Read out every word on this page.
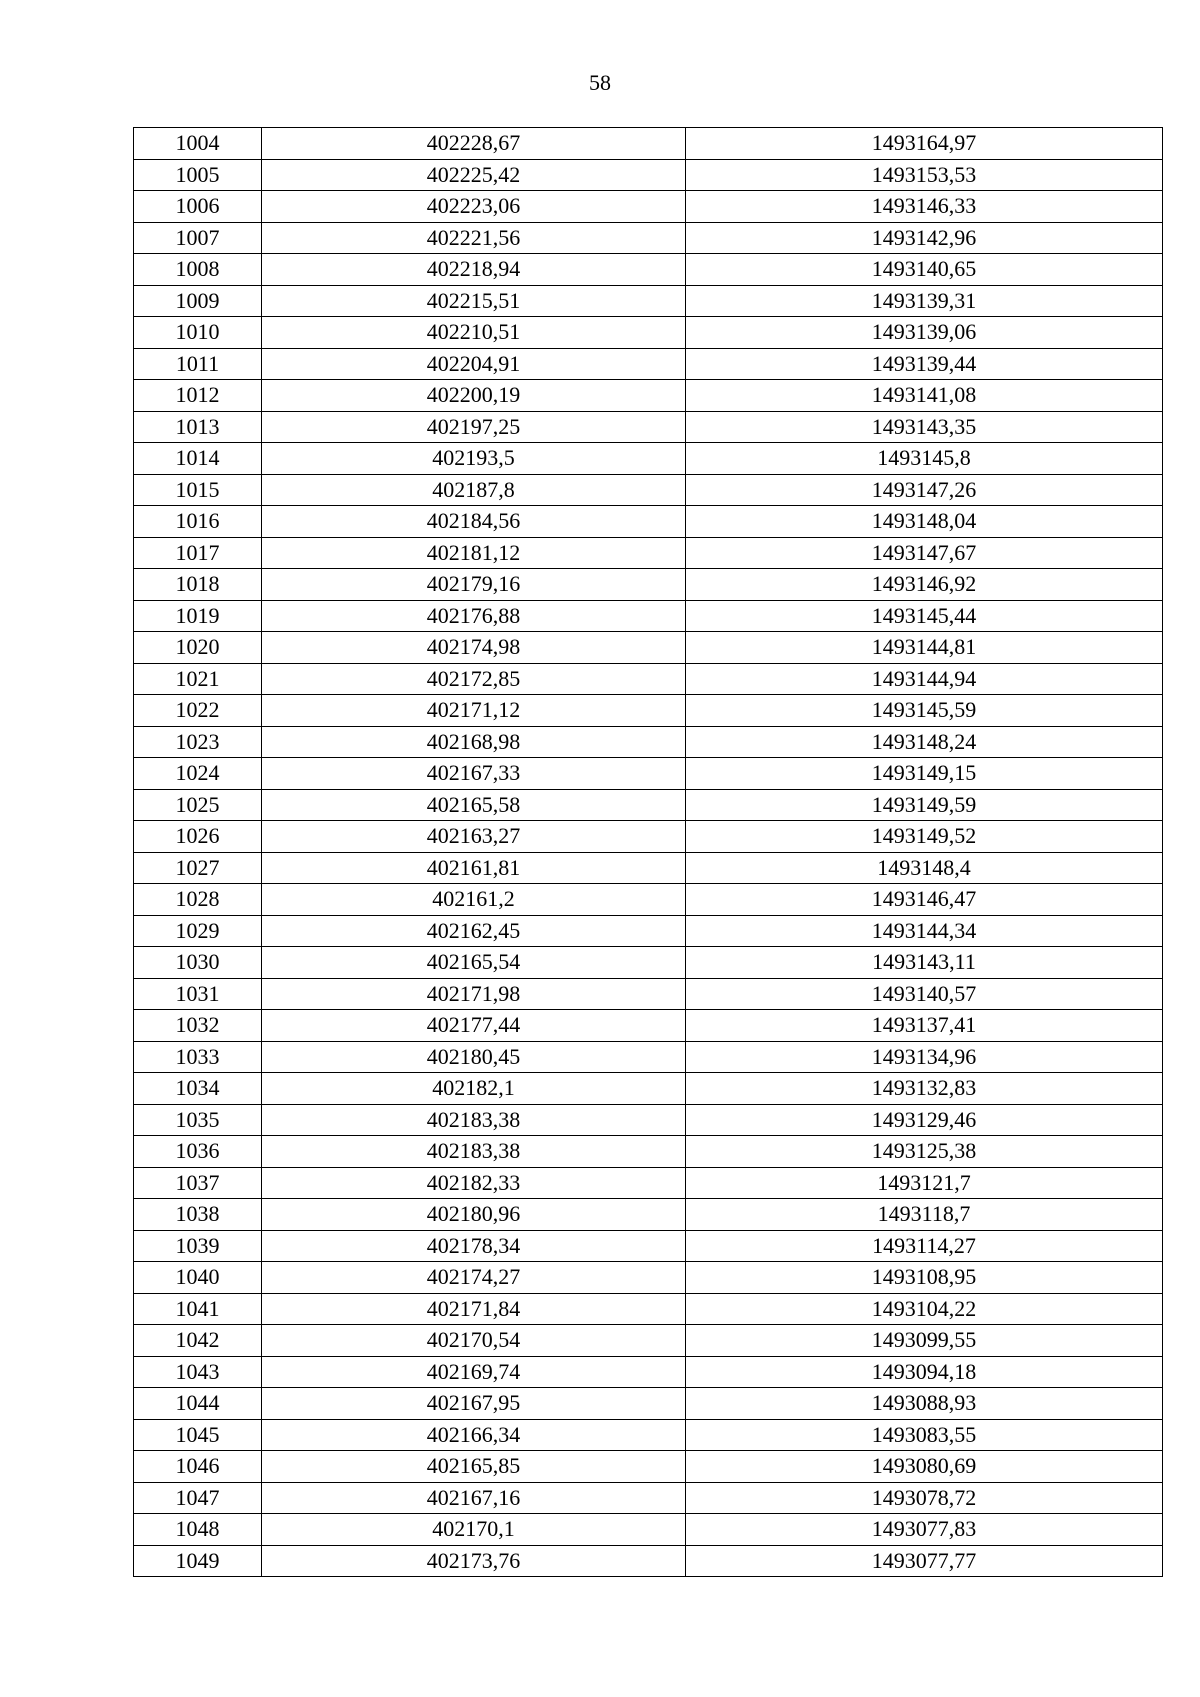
58
1004	402228,67	1493164,97
1005	402225,42	1493153,53
1006	402223,06	1493146,33
1007	402221,56	1493142,96
1008	402218,94	1493140,65
1009	402215,51	1493139,31
1010	402210,51	1493139,06
1011	402204,91	1493139,44
1012	402200,19	1493141,08
1013	402197,25	1493143,35
1014	402193,5	1493145,8
1015	402187,8	1493147,26
1016	402184,56	1493148,04
1017	402181,12	1493147,67
1018	402179,16	1493146,92
1019	402176,88	1493145,44
1020	402174,98	1493144,81
1021	402172,85	1493144,94
1022	402171,12	1493145,59
1023	402168,98	1493148,24
1024	402167,33	1493149,15
1025	402165,58	1493149,59
1026	402163,27	1493149,52
1027	402161,81	1493148,4
1028	402161,2	1493146,47
1029	402162,45	1493144,34
1030	402165,54	1493143,11
1031	402171,98	1493140,57
1032	402177,44	1493137,41
1033	402180,45	1493134,96
1034	402182,1	1493132,83
1035	402183,38	1493129,46
1036	402183,38	1493125,38
1037	402182,33	1493121,7
1038	402180,96	1493118,7
1039	402178,34	1493114,27
1040	402174,27	1493108,95
1041	402171,84	1493104,22
1042	402170,54	1493099,55
1043	402169,74	1493094,18
1044	402167,95	1493088,93
1045	402166,34	1493083,55
1046	402165,85	1493080,69
1047	402167,16	1493078,72
1048	402170,1	1493077,83
1049	402173,76	1493077,77
